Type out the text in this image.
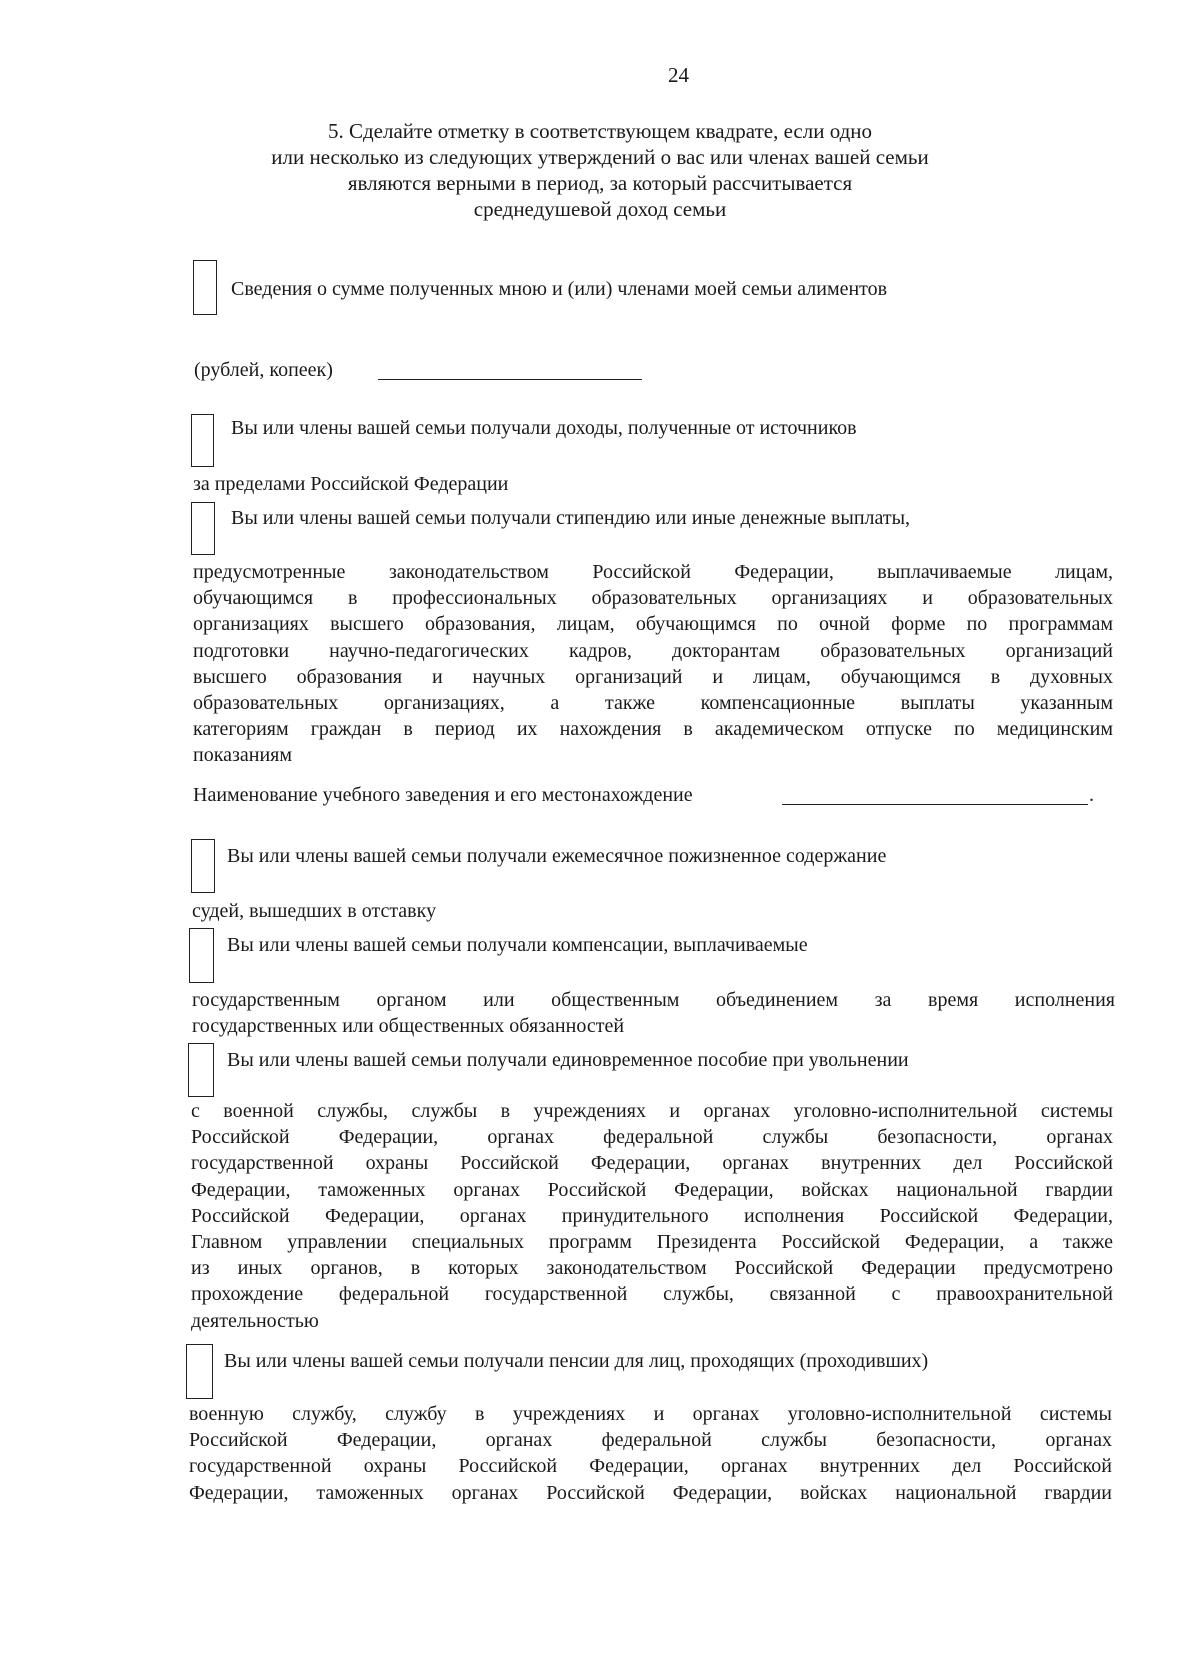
24
5. Сделайте отметку в соответствующем квадрате, если одно
или несколько из следующих утверждений о вас или членах вашей семьи
являются верными в период, за который рассчитывается
среднедушевой доход семьи
Сведения о сумме полученных мною и (или) членами моей семьи алиментов
(рублей, копеек)
Вы или члены вашей семьи получали доходы, полученные от источников
за пределами Российской Федерации
Вы или члены вашей семьи получали стипендию или иные денежные выплаты,
предусмотренные законодательством Российской Федерации, выплачиваемые лицам,
обучающимся в профессиональных образовательных организациях и образовательных
организациях высшего образования, лицам, обучающимся по очной форме по программам
подготовки научно-педагогических кадров, докторантам образовательных организаций
высшего образования и научных организаций и лицам, обучающимся в духовных
образовательных организациях, а также компенсационные выплаты указанным
категориям граждан в период их нахождения в академическом отпуске по медицинским
показаниям
Наименование учебного заведения и его местонахождение	.
Вы или члены вашей семьи получали ежемесячное пожизненное содержание
судей, вышедших в отставку
Вы или члены вашей семьи получали компенсации, выплачиваемые
государственным органом или общественным объединением за время исполнения
государственных или общественных обязанностей
Вы или члены вашей семьи получали единовременное пособие при увольнении
с военной службы, службы в учреждениях и органах уголовно-исполнительной системы
Российской Федерации, органах федеральной службы безопасности, органах
государственной охраны Российской Федерации, органах внутренних дел Российской
Федерации, таможенных органах Российской Федерации, войсках национальной гвардии
Российской Федерации, органах принудительного исполнения Российской Федерации,
Главном управлении специальных программ Президента Российской Федерации, а также
из иных органов, в которых законодательством Российской Федерации предусмотрено
прохождение федеральной государственной службы, связанной с правоохранительной
деятельностью
Вы или члены вашей семьи получали пенсии для лиц, проходящих (проходивших)
военную службу, службу в учреждениях и органах уголовно-исполнительной системы
Российской Федерации, органах федеральной службы безопасности, органах
государственной охраны Российской Федерации, органах внутренних дел Российской
Федерации, таможенных органах Российской Федерации, войсках национальной гвардии
